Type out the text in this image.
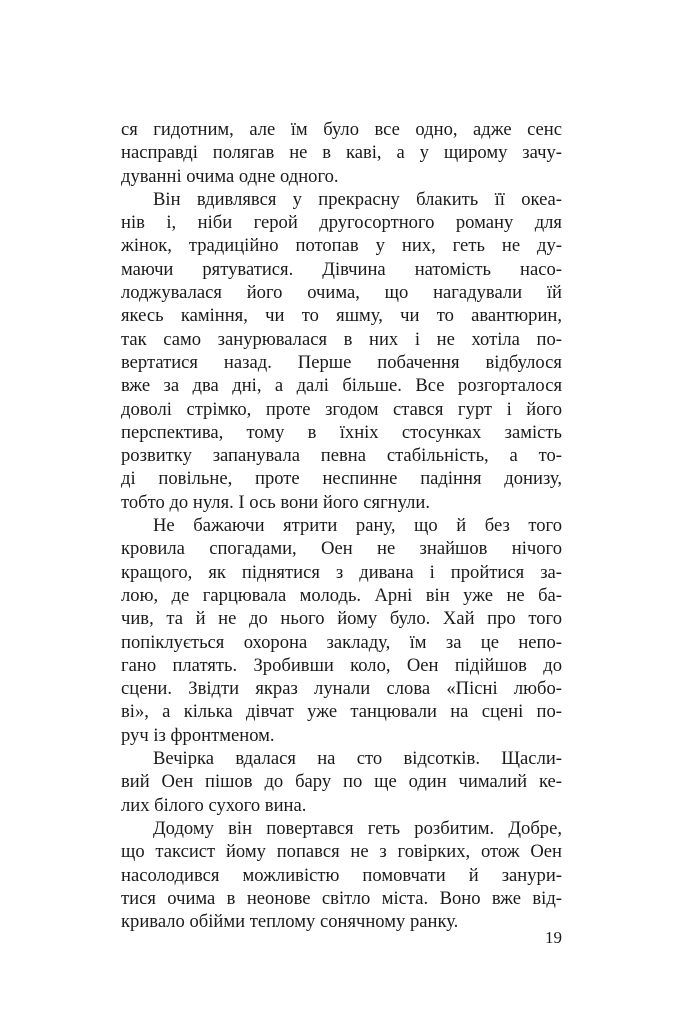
ся гидотним, але їм було все одно, адже сенс
насправді полягав не в каві, а у щирому зачу-
дуванні очима одне одного.
Він вдивлявся у прекрасну блакить її океа-
нів і, ніби герой другосортного роману для
жінок, традиційно потопав у них, геть не ду-
маючи рятуватися. Дівчина натомість насо-
лоджувалася його очима, що нагадували їй
якесь каміння, чи то яшму, чи то авантюрин,
так само занурювалася в них і не хотіла по-
вертатися назад. Перше побачення відбулося
вже за два дні, а далі більше. Все розгорталося
доволі стрімко, проте згодом стався гурт і його
перспектива, тому в їхніх стосунках замість
розвитку запанувала певна стабільність, а то-
ді повільне, проте неспинне падіння донизу,
тобто до нуля. І ось вони його сягнули.
Не бажаючи ятрити рану, що й без того
кровила спогадами, Оен не знайшов нічого
кращого, як піднятися з дивана і пройтися за-
лою, де гарцювала молодь. Арні він уже не ба-
чив, та й не до нього йому було. Хай про того
попіклується охорона закладу, їм за це непо-
гано платять. Зробивши коло, Оен підійшов до
сцени. Звідти якраз лунали слова «Пісні любо-
ві», а кілька дівчат уже танцювали на сцені по-
руч із фронтменом.
Вечірка вдалася на сто відсотків. Щасли-
вий Оен пішов до бару по ще один чималий ке-
лих білого сухого вина.
Додому він повертався геть розбитим. Добре,
що таксист йому попався не з говірких, отож Оен
насолодився можливістю помовчати й занури-
тися очима в неонове світло міста. Воно вже від-
кривало обійми теплому сонячному ранку.
19
